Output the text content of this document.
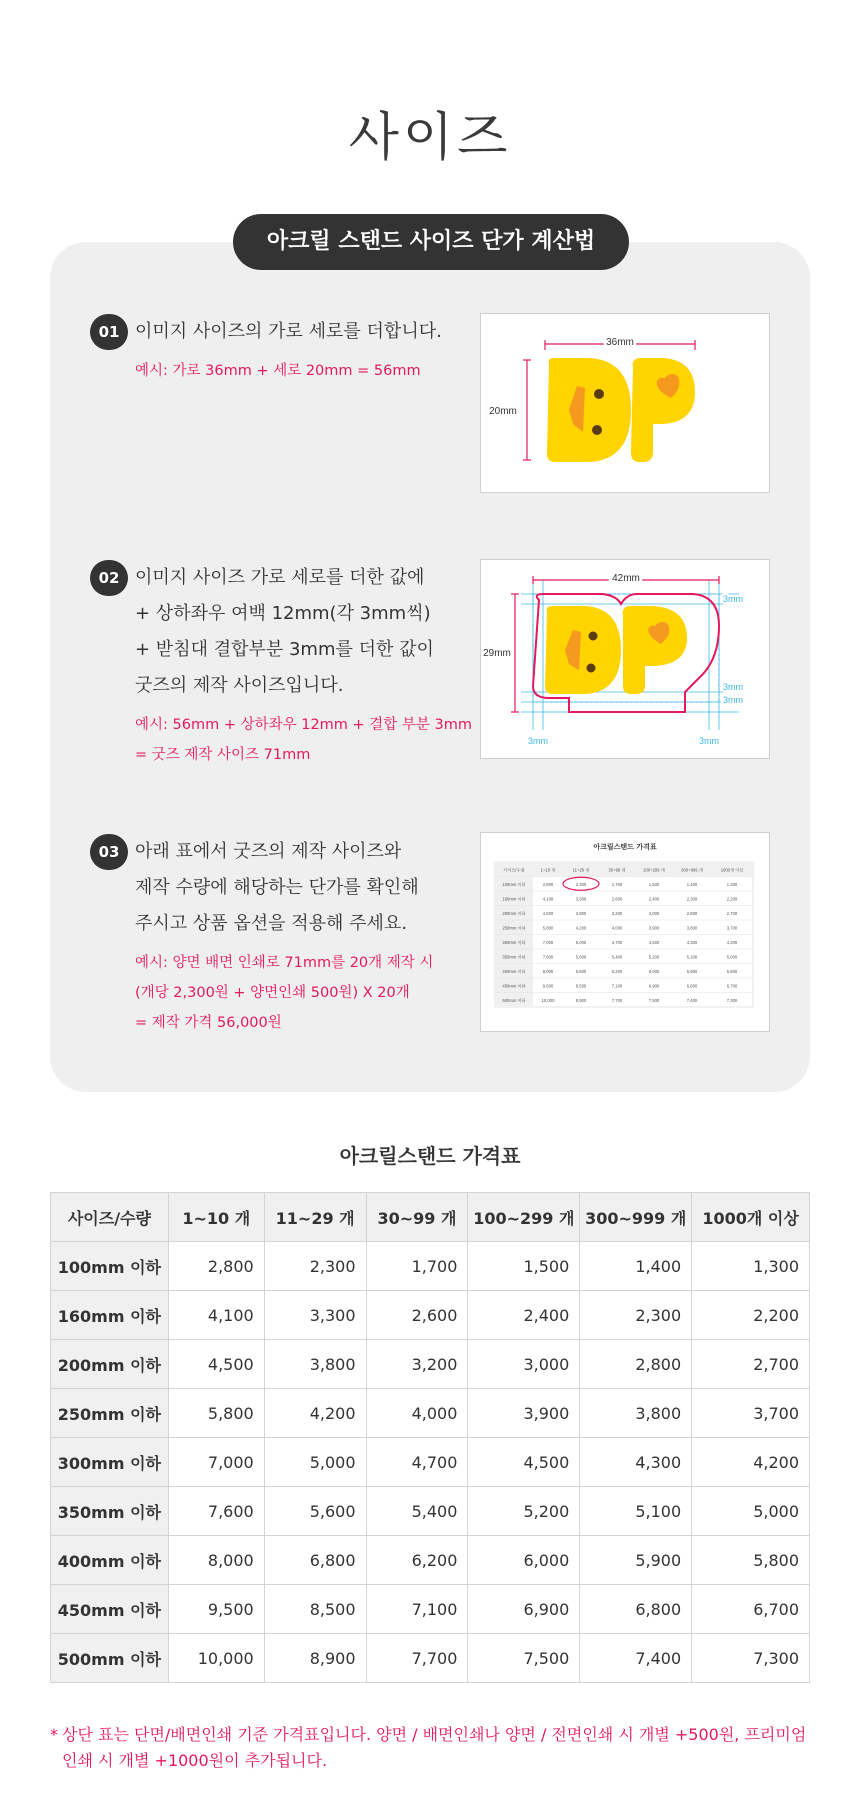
사이즈
아크릴 스탠드 사이즈 단가 계산법
01 이미지 사이즈의 가로 세로를 더합니다.
예시: 가로 36mm + 세로 20mm = 56mm
02 이미지 사이즈 가로 세로를 더한 값에
+ 상하좌우 여백 12mm(각 3mm씩)
+ 받침대 결합부분 3mm를 더한 값이
굿즈의 제작 사이즈입니다.
예시: 56mm + 상하좌우 12mm + 결합 부분 3mm
= 굿즈 제작 사이즈 71mm
03 아래 표에서 굿즈의 제작 사이즈와
제작 수량에 해당하는 단가를 확인해
주시고 상품 옵션을 적용해 주세요.
예시: 양면 배면 인쇄로 71mm를 20개 제작 시
(개당 2,300원 + 양면인쇄 500원) X 20개
= 제작 가격 56,000원
36mm
20mm
42mm
29mm
3mm
3mm
3mm
3mm	3mm
아크릴스탠드 가격표
사이즈/수량	1~10 개	11~29 개	30~99 개	100~299 개	300~999 개	1000개 이상
100mm 이하	2,800	2,300	1,700	1,500	1,400	1,300
160mm 이하	4,100	3,300	2,600	2,400	2,300	2,200
200mm 이하	4,500	3,800	3,200	3,000	2,800	2,700
250mm 이하	5,800	4,200	4,000	3,900	3,800	3,700
300mm 이하	7,000	5,000	4,700	4,500	4,300	4,200
350mm 이하	7,600	5,600	5,400	5,200	5,100	5,000
400mm 이하	8,000	6,800	6,200	6,000	5,900	5,800
450mm 이하	9,500	8,500	7,100	6,900	6,800	6,700
500mm 이하	10,000	8,900	7,700	7,500	7,400	7,300
아크릴스탠드 가격표
사이즈/수량	1~10 개	11~29 개	30~99 개	100~299 개	300~999 개	1000개 이상
100mm 이하	2,800	2,300	1,700	1,500	1,400	1,300
160mm 이하	4,100	3,300	2,600	2,400	2,300	2,200
200mm 이하	4,500	3,800	3,200	3,000	2,800	2,700
250mm 이하	5,800	4,200	4,000	3,900	3,800	3,700
300mm 이하	7,000	5,000	4,700	4,500	4,300	4,200
350mm 이하	7,600	5,600	5,400	5,200	5,100	5,000
400mm 이하	8,000	6,800	6,200	6,000	5,900	5,800
450mm 이하	9,500	8,500	7,100	6,900	6,800	6,700
500mm 이하	10,000	8,900	7,700	7,500	7,400	7,300
* 상단 표는 단면/배면인쇄 기준 가격표입니다. 양면 / 배면인쇄나 양면 / 전면인쇄 시 개별 +500원, 프리미엄 인쇄 시 개별 +1000원이 추가됩니다.
